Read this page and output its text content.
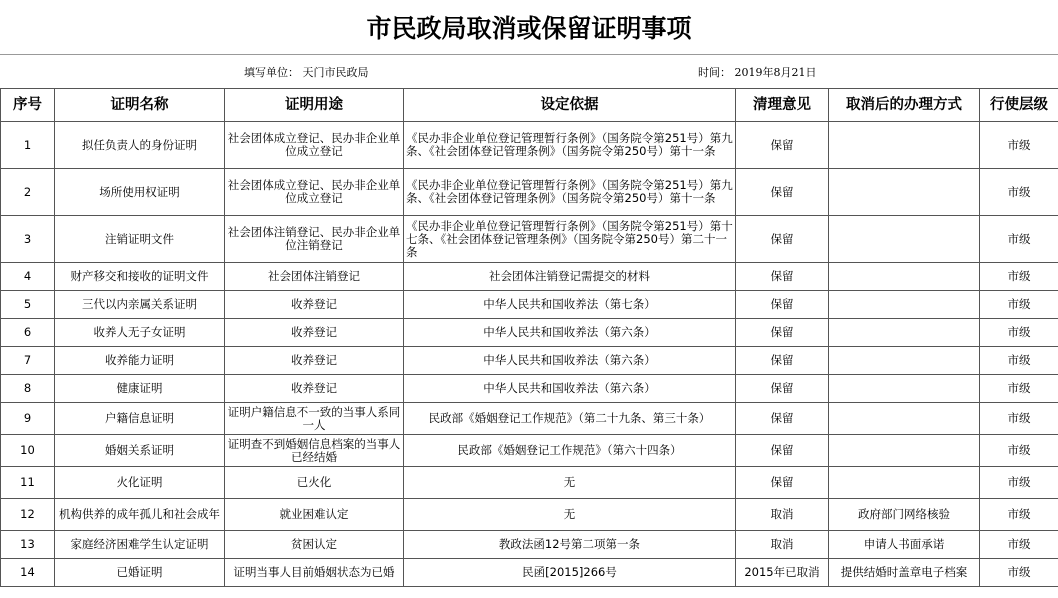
市民政局取消或保留证明事项
填写单位： 天门市民政局	时间： 2019年8月21日
序号	证明名称	证明用途	设定依据	清理意见	取消后的办理方式	行使层级
1	拟任负责人的身份证明	社会团体成立登记、民办非企业单位成立登记	《民办非企业单位登记管理暂行条例》（国务院令第251号）第九条、《社会团体登记管理条例》（国务院令第250号）第十一条	保留		市级
2	场所使用权证明	社会团体成立登记、民办非企业单位成立登记	《民办非企业单位登记管理暂行条例》（国务院令第251号）第九条、《社会团体登记管理条例》（国务院令第250号）第十一条	保留		市级
3	注销证明文件	社会团体注销登记、民办非企业单位注销登记	《民办非企业单位登记管理暂行条例》（国务院令第251号）第十七条、《社会团体登记管理条例》（国务院令第250号）第二十一条	保留		市级
4	财产移交和接收的证明文件	社会团体注销登记	社会团体注销登记需提交的材料	保留		市级
5	三代以内亲属关系证明	收养登记	中华人民共和国收养法（第七条）	保留		市级
6	收养人无子女证明	收养登记	中华人民共和国收养法（第六条）	保留		市级
7	收养能力证明	收养登记	中华人民共和国收养法（第六条）	保留		市级
8	健康证明	收养登记	中华人民共和国收养法（第六条）	保留		市级
9	户籍信息证明	证明户籍信息不一致的当事人系同一人	民政部《婚姻登记工作规范》（第二十九条、第三十条）	保留		市级
10	婚姻关系证明	证明查不到婚姻信息档案的当事人已经结婚	民政部《婚姻登记工作规范》（第六十四条）	保留		市级
11	火化证明	已火化	无	保留		市级
12	机构供养的成年孤儿和社会成年	就业困难认定	无	取消	政府部门网络核验	市级
13	家庭经济困难学生认定证明	贫困认定	教政法函12号第二项第一条	取消	申请人书面承诺	市级
14	已婚证明	证明当事人目前婚姻状态为已婚	民函[2015]266号	2015年已取消	提供结婚时盖章电子档案	市级
